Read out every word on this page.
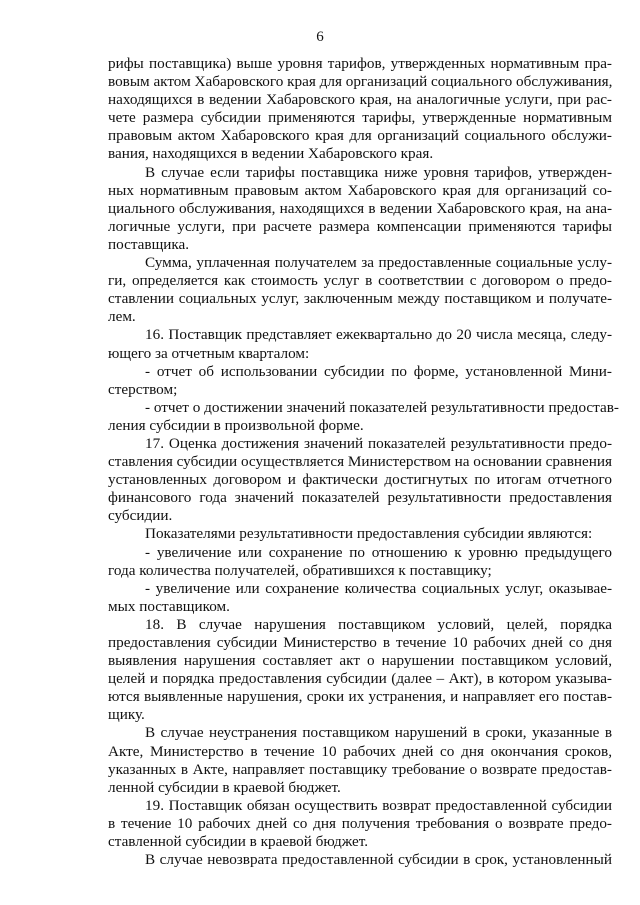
6
рифы поставщика) выше уровня тарифов, утвержденных нормативным пра-
вовым актом Хабаровского края для организаций социального обслуживания,
находящихся в ведении Хабаровского края, на аналогичные услуги, при рас-
чете размера субсидии применяются тарифы, утвержденные нормативным
правовым актом Хабаровского края для организаций социального обслужи-
вания, находящихся в ведении Хабаровского края.
В случае если тарифы поставщика ниже уровня тарифов, утвержден-
ных нормативным правовым актом Хабаровского края для организаций со-
циального обслуживания, находящихся в ведении Хабаровского края, на ана-
логичные услуги, при расчете размера компенсации применяются тарифы
поставщика.
Сумма, уплаченная получателем за предоставленные социальные услу-
ги, определяется как стоимость услуг в соответствии с договором о предо-
ставлении социальных услуг, заключенным между поставщиком и получате-
лем.
16. Поставщик представляет ежеквартально до 20 числа месяца, следу-
ющего за отчетным кварталом:
- отчет об использовании субсидии по форме, установленной Мини-
стерством;
- отчет о достижении значений показателей результативности предостав-
ления субсидии в произвольной форме.
17. Оценка достижения значений показателей результативности предо-
ставления субсидии осуществляется Министерством на основании сравнения
установленных договором и фактически достигнутых по итогам отчетного
финансового года значений показателей результативности предоставления
субсидии.
Показателями результативности предоставления субсидии являются:
- увеличение или сохранение по отношению к уровню предыдущего
года количества получателей, обратившихся к поставщику;
- увеличение или сохранение количества социальных услуг, оказывае-
мых поставщиком.
18. В случае нарушения поставщиком условий, целей, порядка
предоставления субсидии Министерство в течение 10 рабочих дней со дня
выявления нарушения составляет акт о нарушении поставщиком условий,
целей и порядка предоставления субсидии (далее – Акт), в котором указыва-
ются выявленные нарушения, сроки их устранения, и направляет его постав-
щику.
В случае неустранения поставщиком нарушений в сроки, указанные в
Акте, Министерство в течение 10 рабочих дней со дня окончания сроков,
указанных в Акте, направляет поставщику требование о возврате предостав-
ленной субсидии в краевой бюджет.
19. Поставщик обязан осуществить возврат предоставленной субсидии
в течение 10 рабочих дней со дня получения требования о возврате предо-
ставленной субсидии в краевой бюджет.
В случае невозврата предоставленной субсидии в срок, установленный
